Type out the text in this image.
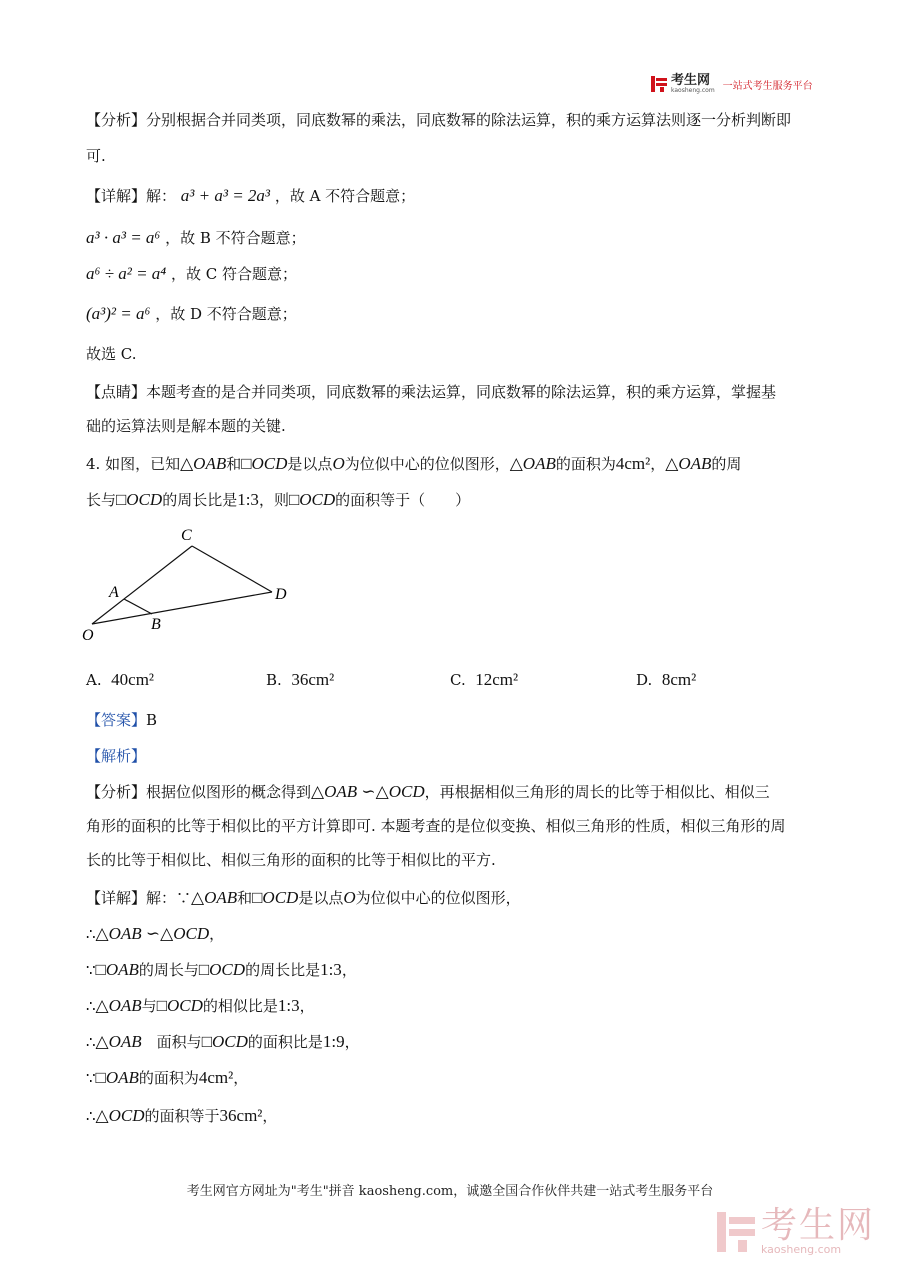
考生网
kaosheng.com 一站式考生服务平台
【分析】分别根据合并同类项，同底数幂的乘法，同底数幂的除法运算，积的乘方运算法则逐一分析判断即
可.
【详解】解： a³ + a³ = 2a³ ，故 A 不符合题意；
a³ · a³ = a⁶ ，故 B 不符合题意；
a⁶ ÷ a² = a⁴ ，故 C 符合题意；
(a³)² = a⁶ ，故 D 不符合题意；
故选 C.
【点睛】本题考查的是合并同类项，同底数幂的乘法运算，同底数幂的除法运算，积的乘方运算，掌握基
础的运算法则是解本题的关键.
4. 如图，已知△OAB和□OCD是以点O为位似中心的位似图形，△OAB的面积为4cm²，△OAB的周
长与□OCD的周长比是1:3，则□OCD的面积等于（　　）
C
A	D
O
B
A. 40cm²	B. 36cm²	C. 12cm²	D. 8cm²
【答案】B
【解析】
【分析】根据位似图形的概念得到△OAB ∽△OCD，再根据相似三角形的周长的比等于相似比、相似三
角形的面积的比等于相似比的平方计算即可. 本题考查的是位似变换、相似三角形的性质，相似三角形的周
长的比等于相似比、相似三角形的面积的比等于相似比的平方.
【详解】解：∵△OAB和□OCD是以点O为位似中心的位似图形，
∴△OAB ∽△OCD，
∵□OAB的周长与□OCD的周长比是1:3，
∴△OAB与□OCD的相似比是1:3，
∴△OAB　面积与□OCD的面积比是1:9，
∵□OAB的面积为4cm²，
∴△OCD的面积等于36cm²，
考生网官方网址为"考生"拼音 kaosheng.com，诚邀全国合作伙伴共建一站式考生服务平台
考生网
kaosheng.com
